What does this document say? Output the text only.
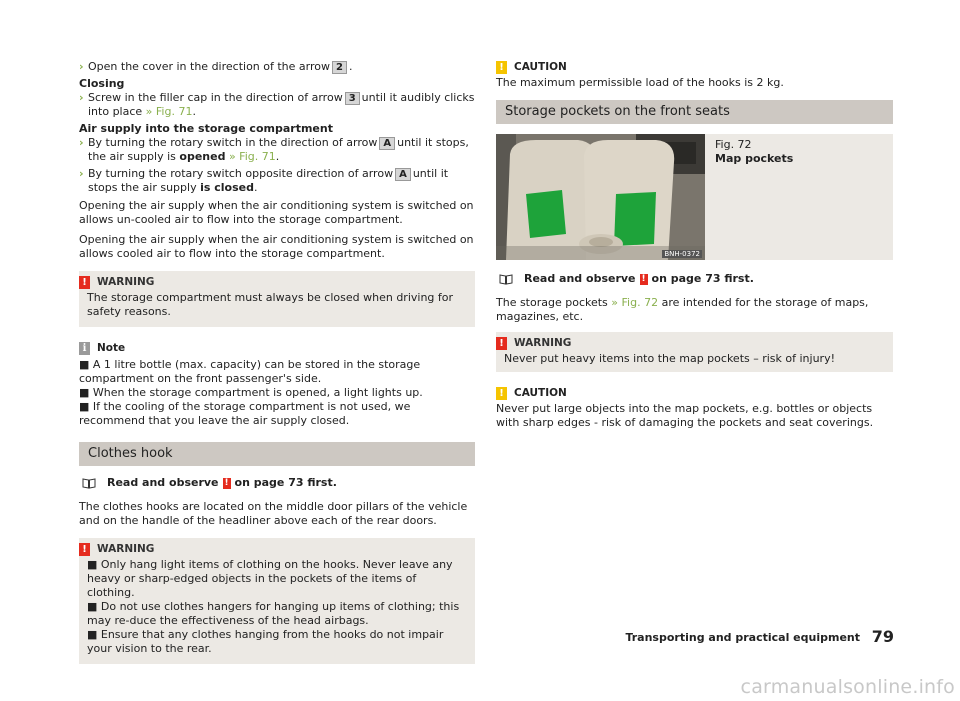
› Open the cover in the direction of the arrow 2 .
Closing
› Screw in the filler cap in the direction of arrow 3 until it audibly clicks into place » Fig. 71.
Air supply into the storage compartment
› By turning the rotary switch in the direction of arrow A until it stops, the air supply is opened » Fig. 71.
› By turning the rotary switch opposite direction of arrow A until it stops the air supply is closed.

Opening the air supply when the air conditioning system is switched on allows un-cooled air to flow into the storage compartment.

Opening the air supply when the air conditioning system is switched on allows cooled air to flow into the storage compartment.

! WARNING
The storage compartment must always be closed when driving for safety reasons.
i	Note
■ A 1 litre bottle (max. capacity) can be stored in the storage compartment on the front passenger's side.
■ When the storage compartment is opened, a light lights up.
■ If the cooling of the storage compartment is not used, we recommend that you leave the air supply closed.
Clothes hook
Read and observe ! on page 73 first.

The clothes hooks are located on the middle door pillars of the vehicle and on the handle of the headliner above each of the rear doors.

! WARNING
■ Only hang light items of clothing on the hooks. Never leave any heavy or sharp-edged objects in the pockets of the items of clothing.
■ Do not use clothes hangers for hanging up items of clothing; this may re-duce the effectiveness of the head airbags.
■ Ensure that any clothes hanging from the hooks do not impair your vision to the rear.
! CAUTION
The maximum permissible load of the hooks is 2 kg.
Storage pockets on the front seats
BNH-0372
Fig. 72
Map pockets
Read and observe ! on page 73 first.

The storage pockets » Fig. 72 are intended for the storage of maps, magazines, etc.

! WARNING
Never put heavy items into the map pockets – risk of injury!
! CAUTION
Never put large objects into the map pockets, e.g. bottles or objects with sharp edges - risk of damaging the pockets and seat coverings.
Transporting and practical equipment 79
carmanualsonline.info
